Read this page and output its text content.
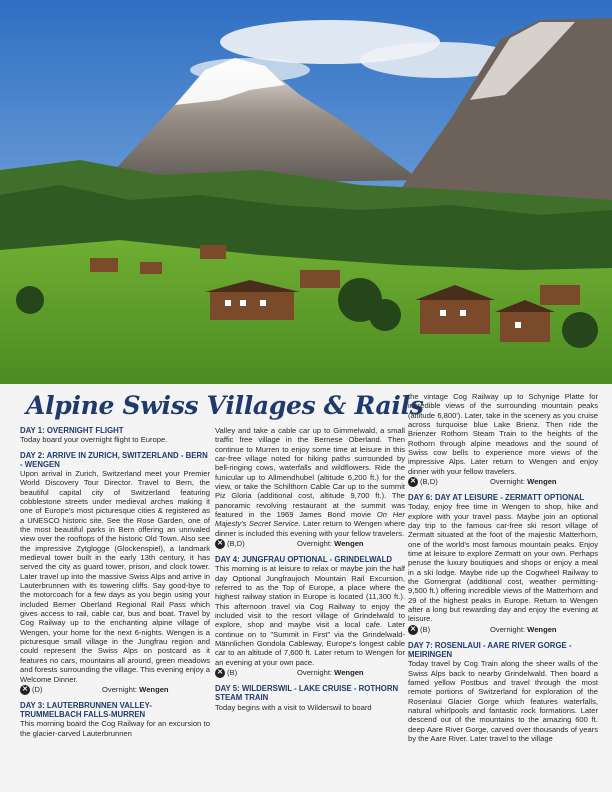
Alpine Swiss Villages & Rails
DAY 1: OVERNIGHT FLIGHT
Today board your overnight flight to Europe.
DAY 2: ARRIVE IN ZURICH, SWITZERLAND - BERN - WENGEN
Upon arrival in Zurich, Switzerland meet your Premier World Discovery Tour Director. Travel to Bern, the beautiful capital city of Switzerland featuring cobblestone streets under medieval arches making it one of Europe's most picturesque cities & registered as a UNESCO historic site. See the Rose Garden, one of the most beautiful parks in Bern offering an unrivaled view over the rooftops of the historic Old Town. Also see the impressive Zytglogge (Glockenspiel), a landmark medieval tower built in the early 13th century, it has served the city as guard tower, prison, and clock tower. Later travel up into the massive Swiss Alps and arrive in Lauterbrunnen with its towering cliffs. Say good-bye to the motorcoach for a few days as you begin using your included Berner Oberland Regional Rail Pass which gives access to rail, cable car, bus and boat. Travel by Cog Railway up to the enchanting alpine village of Wengen, your home for the next 6-nights. Wengen is a picturesque small village in the Jungfrau region and could represent the Swiss Alps on postcard as it features no cars, mountains all around, green meadows and forests surrounding the village. This evening enjoy a Welcome Dinner.
✕ (D)	Overnight: Wengen
DAY 3: LAUTERBRUNNEN VALLEY-TRUMMELBACH FALLS-MURREN
This morning board the Cog Railway for an excursion to the glacier-carved Lauterbrunnen
Valley and take a cable car up to Gimmelwald, a small traffic free village in the Bernese Oberland. Then continue to Murren to enjoy some time at leisure in this car-free village noted for hiking paths surrounded by bell-ringing cows, waterfalls and wildflowers. Ride the funicular up to Allmendhubel (altitude 6,200 ft.) for the view, or take the Schilthorn Cable Car up to the summit Piz Gloria (additional cost, altitude 9,700 ft.). The panoramic revolving restaurant at the summit was featured in the 1969 James Bond movie On Her Majesty's Secret Service. Later return to Wengen where dinner is included this evening with your fellow travelers.
✕ (B,D)	Overnight: Wengen
DAY 4: JUNGFRAU OPTIONAL - GRINDELWALD
This morning is at leisure to relax or maybe join the half day Optional Jungfraujoch Mountain Rail Excursion, referred to as the Top of Europe, a place where the highest railway station in Europe is located (11,300 ft.). This afternoon travel via Cog Railway to enjoy the included visit to the resort village of Grindelwald to explore, shop and maybe visit a local cafe. Later continue on to "Summit in First" via the Grindelwald-Männlichen Gondola Cableway, Europe's longest cable car to an altitude of 7,600 ft. Later return to Wengen for an evening at your own pace.
✕ (B)	Overnight: Wengen
DAY 5: WILDERSWIL - LAKE CRUISE - ROTHORN STEAM TRAIN
Today begins with a visit to Wilderswil to board
the vintage Cog Railway up to Schynige Platte for incredible views of the surrounding mountain peaks (altitude 6,800'). Later, take in the scenery as you cruise across turquoise blue Lake Brienz. Then ride the Brienzer Rothorn Steam Train to the heights of the Rothorn through alpine meadows and the sound of Swiss cow bells to experience more views of the impressive Alps. Later return to Wengen and enjoy dinner with your fellow travelers.
✕ (B,D)	Overnight: Wengen
DAY 6: DAY AT LEISURE - ZERMATT OPTIONAL
Today, enjoy free time in Wengen to shop, hike and explore with your travel pass. Maybe join an optional day trip to the famous car-free ski resort village of Zermatt situated at the foot of the majestic Matterhorn, one of the world's most famous mountain peaks. Enjoy time at leisure to explore Zermatt on your own. Perhaps peruse the luxury boutiques and shops or enjoy a meal in a ski lodge. Maybe ride up the Cogwheel Railway to the Gornergrat (additional cost, weather permitting-9,500 ft.) offering incredible views of the Matterhorn and 29 of the highest peaks in Europe. Return to Wengen after a long but rewarding day and enjoy the evening at leisure.
✕ (B)	Overnight: Wengen
DAY 7: ROSENLAUI - AARE RIVER GORGE - MEIRINGEN
Today travel by Cog Train along the sheer walls of the Swiss Alps back to nearby Grindelwald. Then board a famed yellow Postbus and travel through the most remote portions of Switzerland for exploration of the Rosenlaui Glacier Gorge which features waterfalls, natural whirlpools and fantastic rock formations. Later descend out of the mountains to the amazing 600 ft. deep Aare River Gorge, carved over thousands of years by the Aare River. Later travel to the village
